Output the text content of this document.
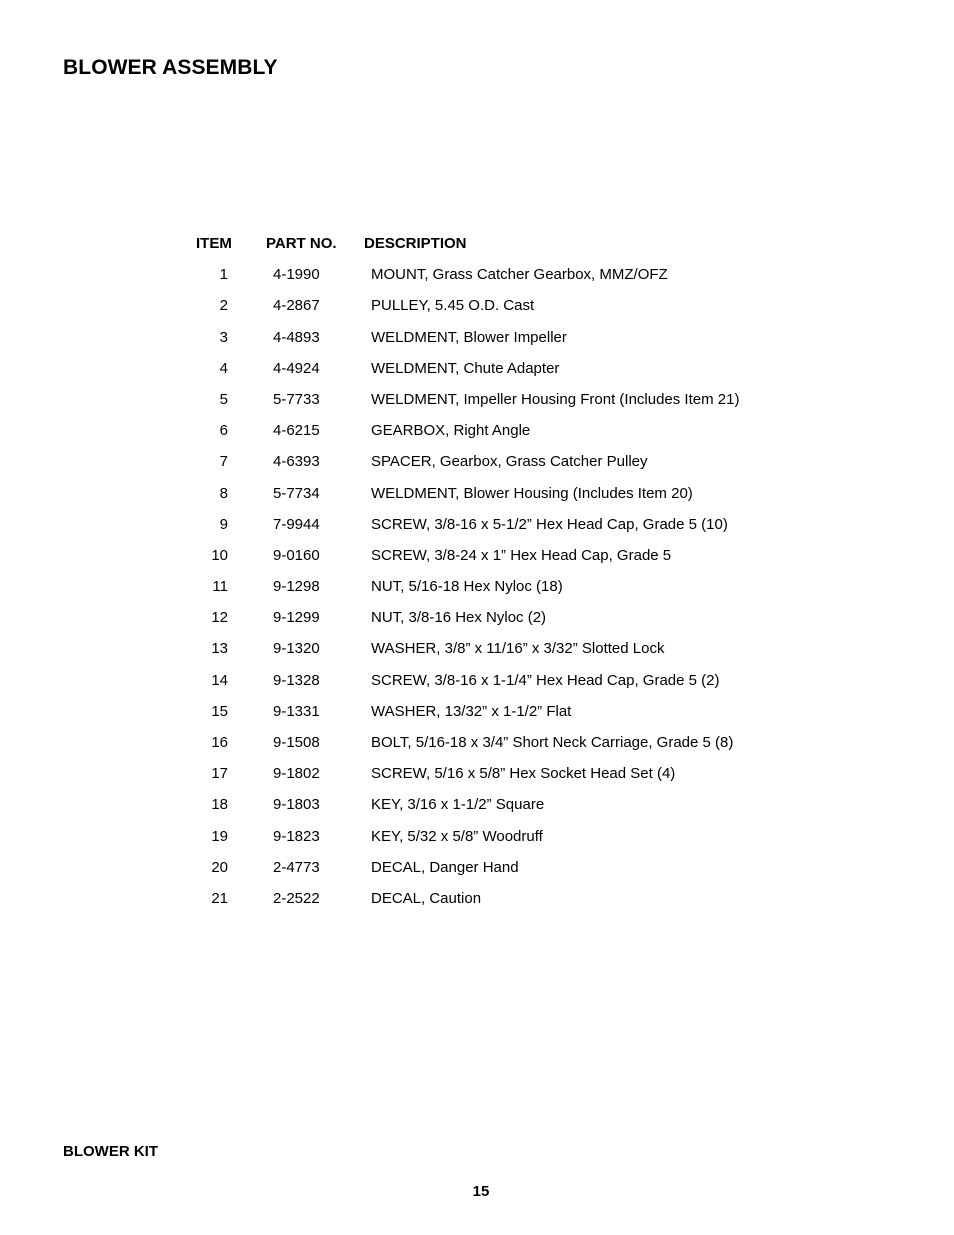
BLOWER ASSEMBLY
ITEM PART NO. DESCRIPTION
1	4-1990	MOUNT, Grass Catcher Gearbox, MMZ/OFZ
2	4-2867	PULLEY, 5.45 O.D. Cast
3	4-4893	WELDMENT, Blower Impeller
4	4-4924	WELDMENT, Chute Adapter
5	5-7733	WELDMENT, Impeller Housing Front (Includes Item 21)
6	4-6215	GEARBOX, Right Angle
7	4-6393	SPACER, Gearbox, Grass Catcher Pulley
8	5-7734	WELDMENT, Blower Housing (Includes Item 20)
9	7-9944	SCREW, 3/8-16 x 5-1/2” Hex Head Cap, Grade 5 (10)
10	9-0160	SCREW, 3/8-24 x 1” Hex Head Cap, Grade 5
11	9-1298	NUT, 5/16-18 Hex Nyloc (18)
12	9-1299	NUT, 3/8-16 Hex Nyloc (2)
13	9-1320	WASHER, 3/8” x 11/16” x 3/32” Slotted Lock
14	9-1328	SCREW, 3/8-16 x 1-1/4” Hex Head Cap, Grade 5 (2)
15	9-1331	WASHER, 13/32” x 1-1/2” Flat
16	9-1508	BOLT, 5/16-18 x 3/4” Short Neck Carriage, Grade 5 (8)
17	9-1802	SCREW, 5/16 x 5/8” Hex Socket Head Set (4)
18	9-1803	KEY, 3/16 x 1-1/2” Square
19	9-1823	KEY, 5/32 x 5/8” Woodruff
20	2-4773	DECAL, Danger Hand
21	2-2522	DECAL, Caution
BLOWER KIT
15
